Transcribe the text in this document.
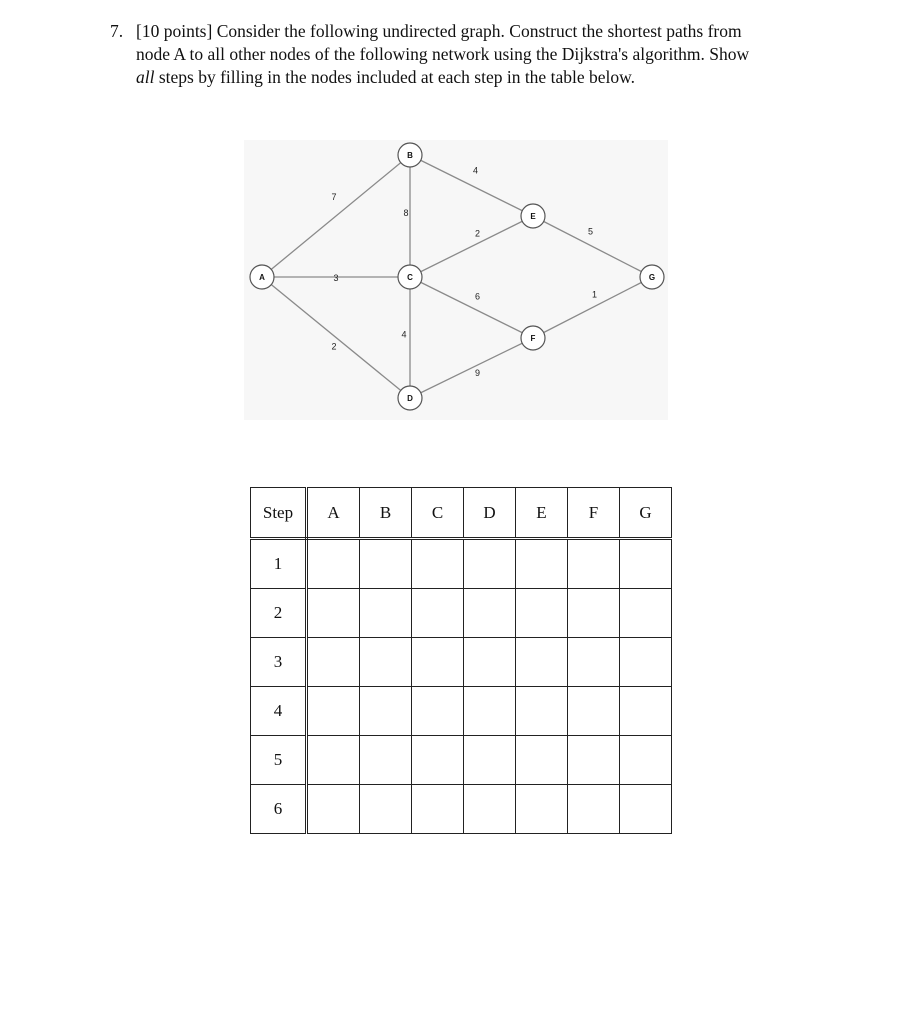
7. [10 points] Consider the following undirected graph. Construct the shortest paths from
node A to all other nodes of the following network using the Dijkstra's algorithm. Show
all steps by filling in the nodes included at each step in the table below.
7
3
2
8
4
2
4
6
9
5
1
A
B
C
D
E
F
G
Step	A	B	C	D	E	F	G
1							
2							
3							
4							
5							
6							
